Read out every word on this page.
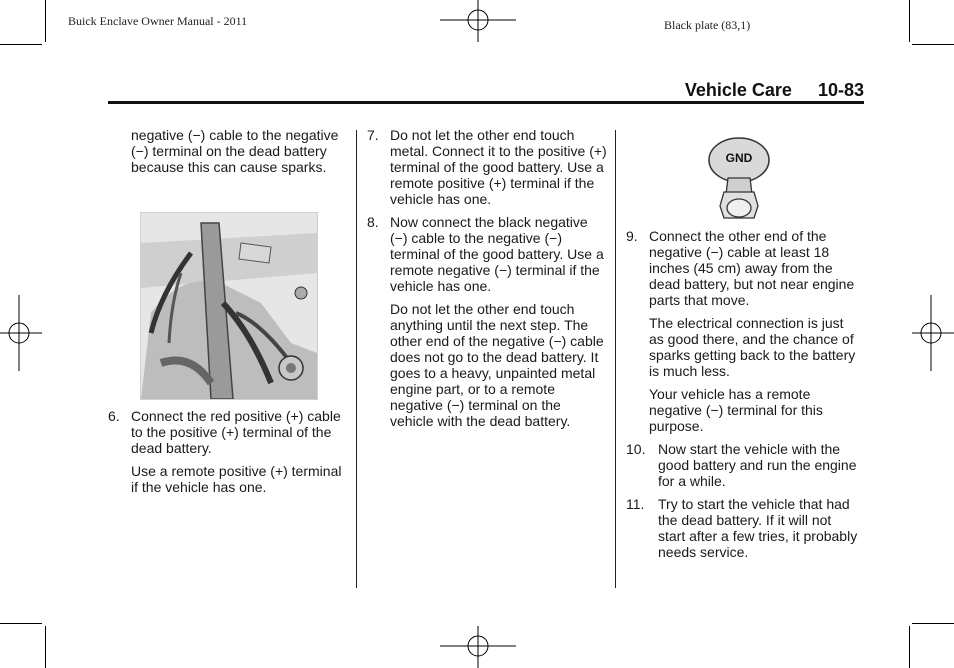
Buick Enclave Owner Manual - 2011	Black plate (83,1)
Vehicle Care 10-83

negative (−) cable to the negative (−) terminal on the dead battery because this can cause sparks.

6. Connect the red positive (+) cable to the positive (+) terminal of the dead battery.

Use a remote positive (+) terminal if the vehicle has one.

7. Do not let the other end touch metal. Connect it to the positive (+) terminal of the good battery. Use a remote positive (+) terminal if the vehicle has one.
8. Now connect the black negative (−) cable to the negative (−) terminal of the good battery. Use a remote negative (−) terminal if the vehicle has one.

Do not let the other end touch anything until the next step. The other end of the negative (−) cable does not go to the dead battery. It goes to a heavy, unpainted metal engine part, or to a remote negative (−) terminal on the vehicle with the dead battery.

GND
9. Connect the other end of the negative (−) cable at least 18 inches (45 cm) away from the dead battery, but not near engine parts that move.

The electrical connection is just as good there, and the chance of sparks getting back to the battery is much less.

Your vehicle has a remote negative (−) terminal for this purpose.

10. Now start the vehicle with the good battery and run the engine for a while.
11. Try to start the vehicle that had the dead battery. If it will not start after a few tries, it probably needs service.
